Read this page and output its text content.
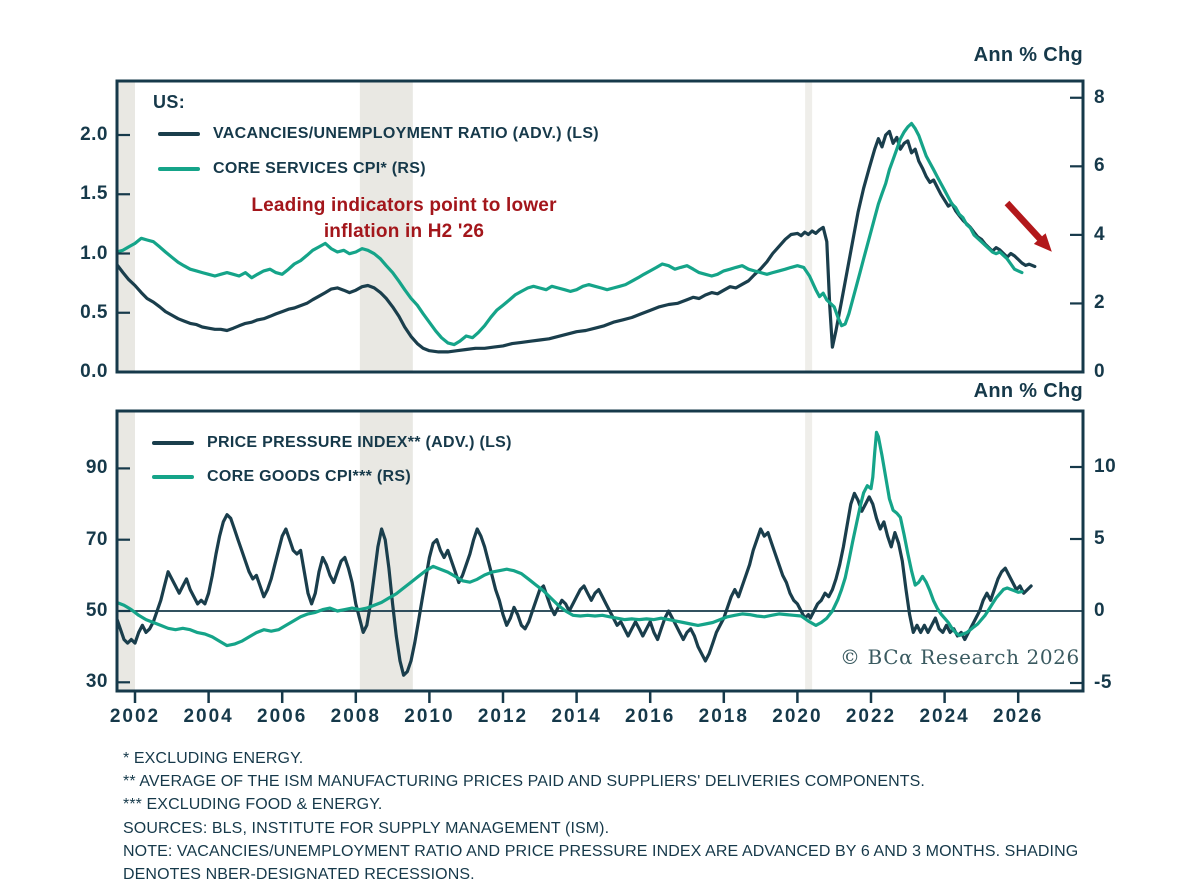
0.0
0.5
1.0
1.5
2.0
0
2
4
6
8
30
50
70
90
-5
0
5
10
2002	2004	2006	2008	2010	2012	2014	2016	2018	2020	2022	2024	2026
Ann % Chg
Ann % Chg
US:
VACANCIES/UNEMPLOYMENT RATIO (ADV.) (LS)
CORE SERVICES CPI* (RS)
PRICE PRESSURE INDEX** (ADV.) (LS)
CORE GOODS CPI*** (RS)
Leading indicators point to lower
inflation in H2 '26
© BCα Research 2026
* EXCLUDING ENERGY.
** AVERAGE OF THE ISM MANUFACTURING PRICES PAID AND SUPPLIERS' DELIVERIES COMPONENTS.
*** EXCLUDING FOOD & ENERGY.
SOURCES: BLS, INSTITUTE FOR SUPPLY MANAGEMENT (ISM).
NOTE: VACANCIES/UNEMPLOYMENT RATIO AND PRICE PRESSURE INDEX ARE ADVANCED BY 6 AND 3 MONTHS. SHADING DENOTES NBER-DESIGNATED RECESSIONS.
